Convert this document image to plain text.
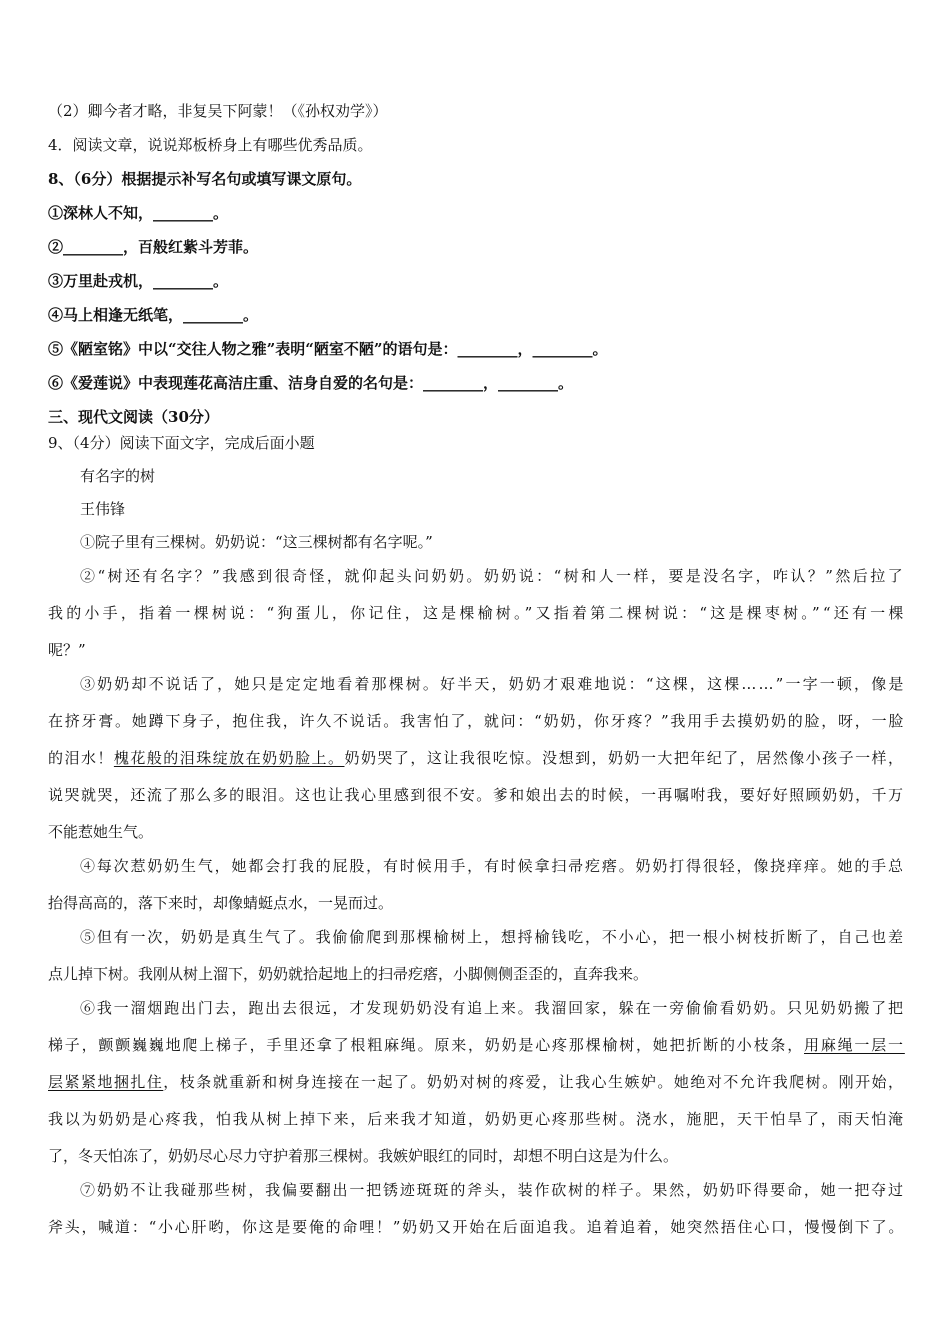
（2）卿今者才略，非复吴下阿蒙！（《孙权劝学》）
4．阅读文章，说说郑板桥身上有哪些优秀品质。
8、（6分）根据提示补写名句或填写课文原句。
①深林人不知，________。
②________，百般红紫斗芳菲。
③万里赴戎机，________。
④马上相逢无纸笔，________。
⑤《陋室铭》中以“交往人物之雅”表明“陋室不陋”的语句是：________，________。
⑥《爱莲说》中表现莲花高洁庄重、洁身自爱的名句是：________，________。
三、现代文阅读（30分）
9、（4分）阅读下面文字，完成后面小题
有名字的树
王伟锋
①院子里有三棵树。奶奶说：“这三棵树都有名字呢。”
②“树还有名字？”我感到很奇怪，就仰起头问奶奶。奶奶说：“树和人一样，要是没名字，咋认？”然后拉了
我的小手，指着一棵树说：“狗蛋儿，你记住，这是棵榆树。”又指着第二棵树说：“这是棵枣树。”“还有一棵
呢？”
③奶奶却不说话了，她只是定定地看着那棵树。好半天，奶奶才艰难地说：“这棵，这棵……”一字一顿，像是
在挤牙膏。她蹲下身子，抱住我，许久不说话。我害怕了，就问：“奶奶，你牙疼？”我用手去摸奶奶的脸，呀，一脸
的泪水！槐花般的泪珠绽放在奶奶脸上。奶奶哭了，这让我很吃惊。没想到，奶奶一大把年纪了，居然像小孩子一样，
说哭就哭，还流了那么多的眼泪。这也让我心里感到很不安。爹和娘出去的时候，一再嘱咐我，要好好照顾奶奶，千万
不能惹她生气。
④每次惹奶奶生气，她都会打我的屁股，有时候用手，有时候拿扫帚疙瘩。奶奶打得很轻，像挠痒痒。她的手总
抬得高高的，落下来时，却像蜻蜓点水，一晃而过。
⑤但有一次，奶奶是真生气了。我偷偷爬到那棵榆树上，想捋榆钱吃，不小心，把一根小树枝折断了，自己也差
点儿掉下树。我刚从树上溜下，奶奶就拾起地上的扫帚疙瘩，小脚侧侧歪歪的，直奔我来。
⑥我一溜烟跑出门去，跑出去很远，才发现奶奶没有追上来。我溜回家，躲在一旁偷偷看奶奶。只见奶奶搬了把
梯子，颤颤巍巍地爬上梯子，手里还拿了根粗麻绳。原来，奶奶是心疼那棵榆树，她把折断的小枝条，用麻绳一层一
层紧紧地捆扎住，枝条就重新和树身连接在一起了。奶奶对树的疼爱，让我心生嫉妒。她绝对不允许我爬树。刚开始，
我以为奶奶是心疼我，怕我从树上掉下来，后来我才知道，奶奶更心疼那些树。浇水，施肥，天干怕旱了，雨天怕淹
了，冬天怕冻了，奶奶尽心尽力守护着那三棵树。我嫉妒眼红的同时，却想不明白这是为什么。
⑦奶奶不让我碰那些树，我偏要翻出一把锈迹斑斑的斧头，装作砍树的样子。果然，奶奶吓得要命，她一把夺过
斧头，喊道：“小心肝哟，你这是要俺的命哩！”奶奶又开始在后面追我。追着追着，她突然捂住心口，慢慢倒下了。
